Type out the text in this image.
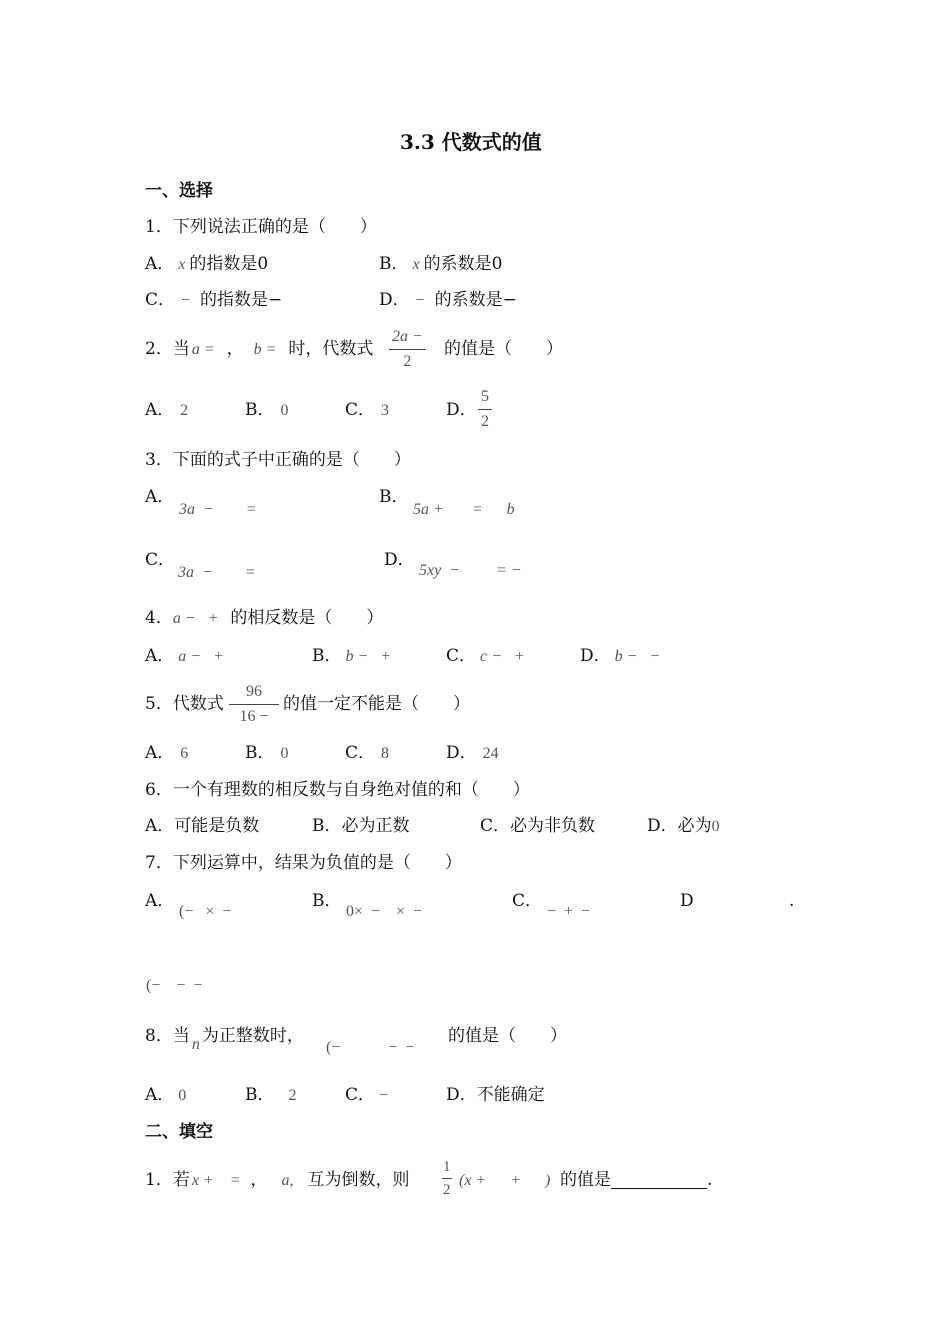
3.3 代数式的值
一、选择
1．下列说法正确的是（　　）
A． x 的指数是0	B． x 的系数是0
C． − 的指数是−	D． − 的系数是−
2．当 a = ， b = 时，代数式 $\frac{2a -}{2}$ 的值是（　　）
A． 2	B． 0	C． 3	D． $\frac{5}{2}$
3．下面的式子中正确的是（　　）
A．
3a  −        =
B．
5a +       =      b
C．
3a  −        =
D．
5xy  −         = −
4．a −   + 的相反数是（　　）
A． a −   +	B． b −   +	C． c −   +	D． b −   −
5．代数式 $\frac{96}{16 -}$ 的值一定不能是（　　）
A． 6	B． 0	C． 8	D． 24
6．一个有理数的相反数与自身绝对值的和（　　）
A．可能是负数	B．必为正数	C．必为非负数	D．必为0
7．下列运算中，结果为负值的是（　　）
A．
(−   ×  −
B．
0×  −    ×  −
C．
−  +  −
D	.
(−    −  −
8．当 n 为正整数时，
(−            −  −
的值是（　　）
A． 0	B． 2	C． −	D．不能确定
二、填空
1．若 x +    = ， a, 互为倒数，则 $\frac{1}{2} (x$ +      +      ) 的值是	.
